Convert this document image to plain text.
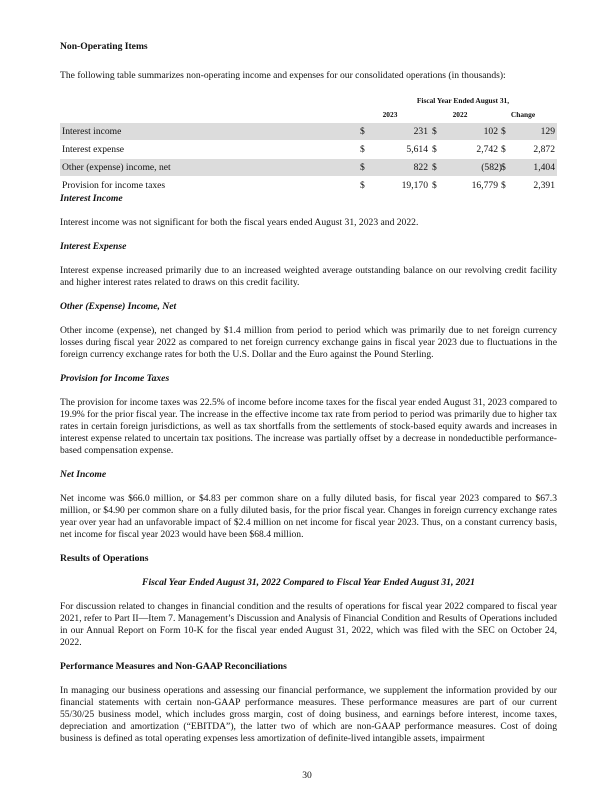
Non-Operating Items
The following table summarizes non-operating income and expenses for our consolidated operations (in thousands):
Fiscal Year Ended August 31,
2023	2022	Change
Interest income	$	231 $	102 $	129
Interest expense	$	5,614 $	2,742 $	2,872
Other (expense) income, net	$	822 $	(582) $	1,404
Provision for income taxes	$	19,170 $	16,779 $	2,391
Interest Income
Interest income was not significant for both the fiscal years ended August 31, 2023 and 2022.
Interest Expense
Interest expense increased primarily due to an increased weighted average outstanding balance on our revolving credit facility and higher interest rates related to draws on this credit facility.
Other (Expense) Income, Net
Other income (expense), net changed by $1.4 million from period to period which was primarily due to net foreign currency losses during fiscal year 2022 as compared to net foreign currency exchange gains in fiscal year 2023 due to fluctuations in the foreign currency exchange rates for both the U.S. Dollar and the Euro against the Pound Sterling.
Provision for Income Taxes
The provision for income taxes was 22.5% of income before income taxes for the fiscal year ended August 31, 2023 compared to 19.9% for the prior fiscal year. The increase in the effective income tax rate from period to period was primarily due to higher tax rates in certain foreign jurisdictions, as well as tax shortfalls from the settlements of stock-based equity awards and increases in interest expense related to uncertain tax positions. The increase was partially offset by a decrease in nondeductible performance-based compensation expense.
Net Income
Net income was $66.0 million, or $4.83 per common share on a fully diluted basis, for fiscal year 2023 compared to $67.3 million, or $4.90 per common share on a fully diluted basis, for the prior fiscal year. Changes in foreign currency exchange rates year over year had an unfavorable impact of $2.4 million on net income for fiscal year 2023. Thus, on a constant currency basis, net income for fiscal year 2023 would have been $68.4 million.
Results of Operations
Fiscal Year Ended August 31, 2022 Compared to Fiscal Year Ended August 31, 2021
For discussion related to changes in financial condition and the results of operations for fiscal year 2022 compared to fiscal year 2021, refer to Part II—Item 7. Management’s Discussion and Analysis of Financial Condition and Results of Operations included in our Annual Report on Form 10-K for the fiscal year ended August 31, 2022, which was filed with the SEC on October 24, 2022.
Performance Measures and Non-GAAP Reconciliations
In managing our business operations and assessing our financial performance, we supplement the information provided by our financial statements with certain non-GAAP performance measures. These performance measures are part of our current 55/30/25 business model, which includes gross margin, cost of doing business, and earnings before interest, income taxes, depreciation and amortization (“EBITDA”), the latter two of which are non-GAAP performance measures. Cost of doing business is defined as total operating expenses less amortization of definite-lived intangible assets, impairment
30
